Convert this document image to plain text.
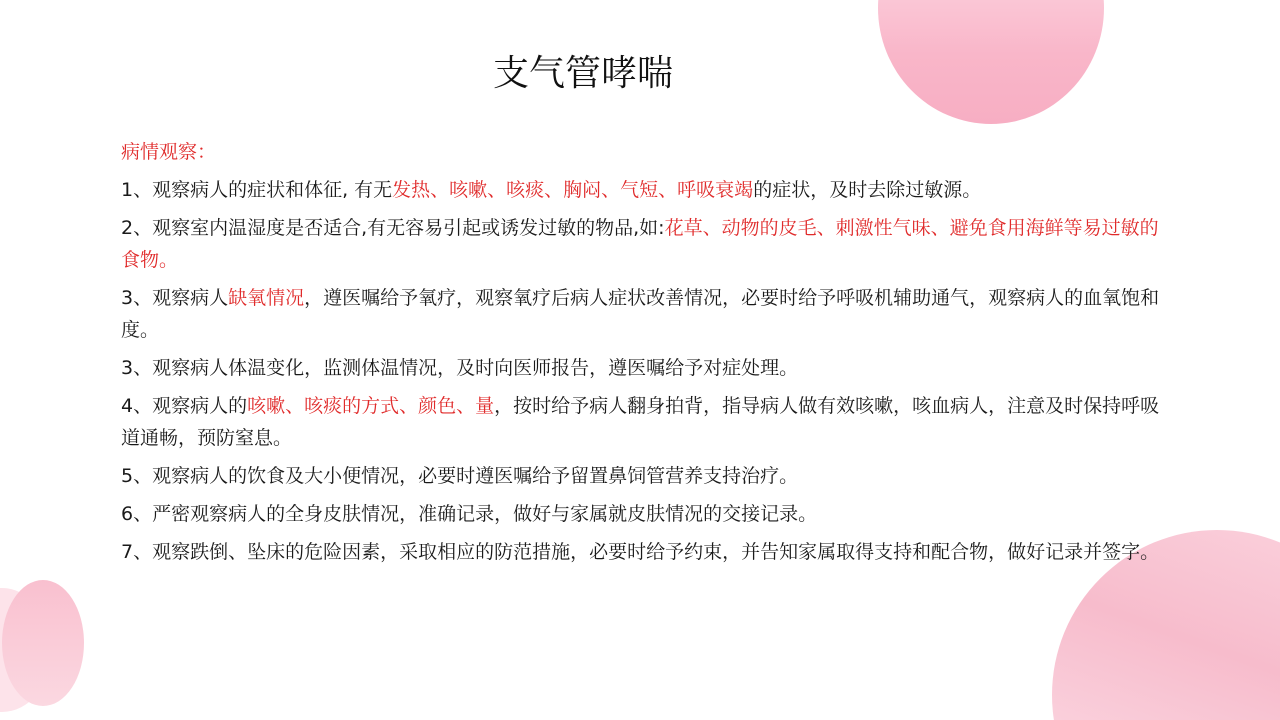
支气管哮喘

病情观察：

1、观察病人的症状和体征, 有无发热、咳嗽、咳痰、胸闷、气短、呼吸衰竭的症状，及时去除过敏源。

2、观察室内温湿度是否适合,有无容易引起或诱发过敏的物品,如:花草、动物的皮毛、刺激性气味、避免食用海鲜等易过敏的食物。

3、观察病人缺氧情况，遵医嘱给予氧疗，观察氧疗后病人症状改善情况，必要时给予呼吸机辅助通气，观察病人的血氧饱和度。

3、观察病人体温变化，监测体温情况，及时向医师报告，遵医嘱给予对症处理。

4、观察病人的咳嗽、咳痰的方式、颜色、量，按时给予病人翻身拍背，指导病人做有效咳嗽，咳血病人，注意及时保持呼吸道通畅，预防窒息。

5、观察病人的饮食及大小便情况，必要时遵医嘱给予留置鼻饲管营养支持治疗。

6、严密观察病人的全身皮肤情况，准确记录，做好与家属就皮肤情况的交接记录。

7、观察跌倒、坠床的危险因素，采取相应的防范措施，必要时给予约束，并告知家属取得支持和配合物，做好记录并签字。
